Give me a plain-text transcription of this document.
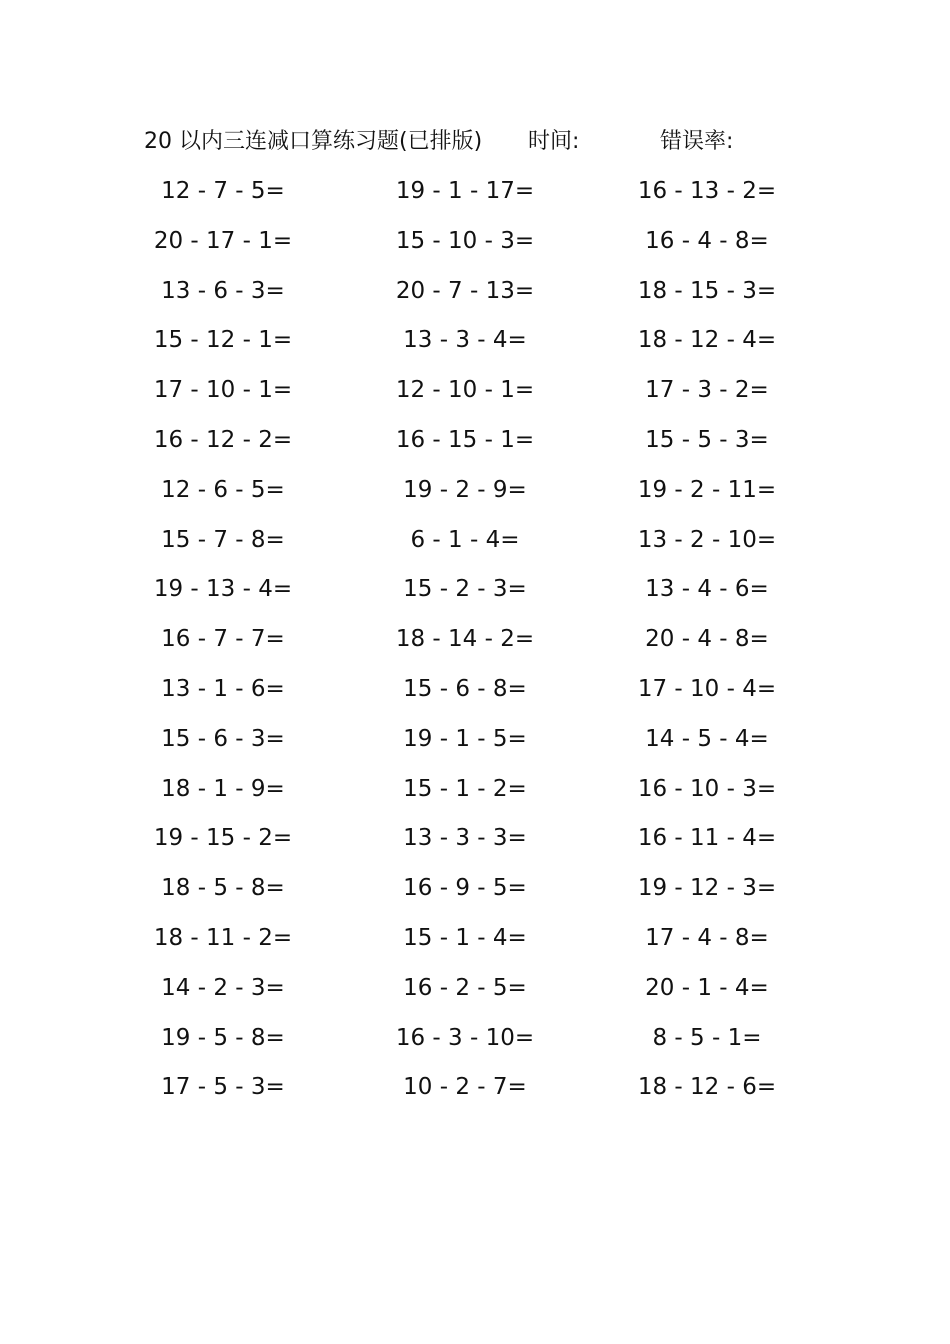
20 以内三连减口算练习题(已排版) 时间:	错误率:
12 - 7 - 5=	19 - 1 - 17=	16 - 13 - 2=
20 - 17 - 1=	15 - 10 - 3=	16 - 4 - 8=
13 - 6 - 3=	20 - 7 - 13=	18 - 15 - 3=
15 - 12 - 1=	13 - 3 - 4=	18 - 12 - 4=
17 - 10 - 1=	12 - 10 - 1=	17 - 3 - 2=
16 - 12 - 2=	16 - 15 - 1=	15 - 5 - 3=
12 - 6 - 5=	19 - 2 - 9=	19 - 2 - 11=
15 - 7 - 8=	6 - 1 - 4=	13 - 2 - 10=
19 - 13 - 4=	15 - 2 - 3=	13 - 4 - 6=
16 - 7 - 7=	18 - 14 - 2=	20 - 4 - 8=
13 - 1 - 6=	15 - 6 - 8=	17 - 10 - 4=
15 - 6 - 3=	19 - 1 - 5=	14 - 5 - 4=
18 - 1 - 9=	15 - 1 - 2=	16 - 10 - 3=
19 - 15 - 2=	13 - 3 - 3=	16 - 11 - 4=
18 - 5 - 8=	16 - 9 - 5=	19 - 12 - 3=
18 - 11 - 2=	15 - 1 - 4=	17 - 4 - 8=
14 - 2 - 3=	16 - 2 - 5=	20 - 1 - 4=
19 - 5 - 8=	16 - 3 - 10=	8 - 5 - 1=
17 - 5 - 3=	10 - 2 - 7=	18 - 12 - 6=
